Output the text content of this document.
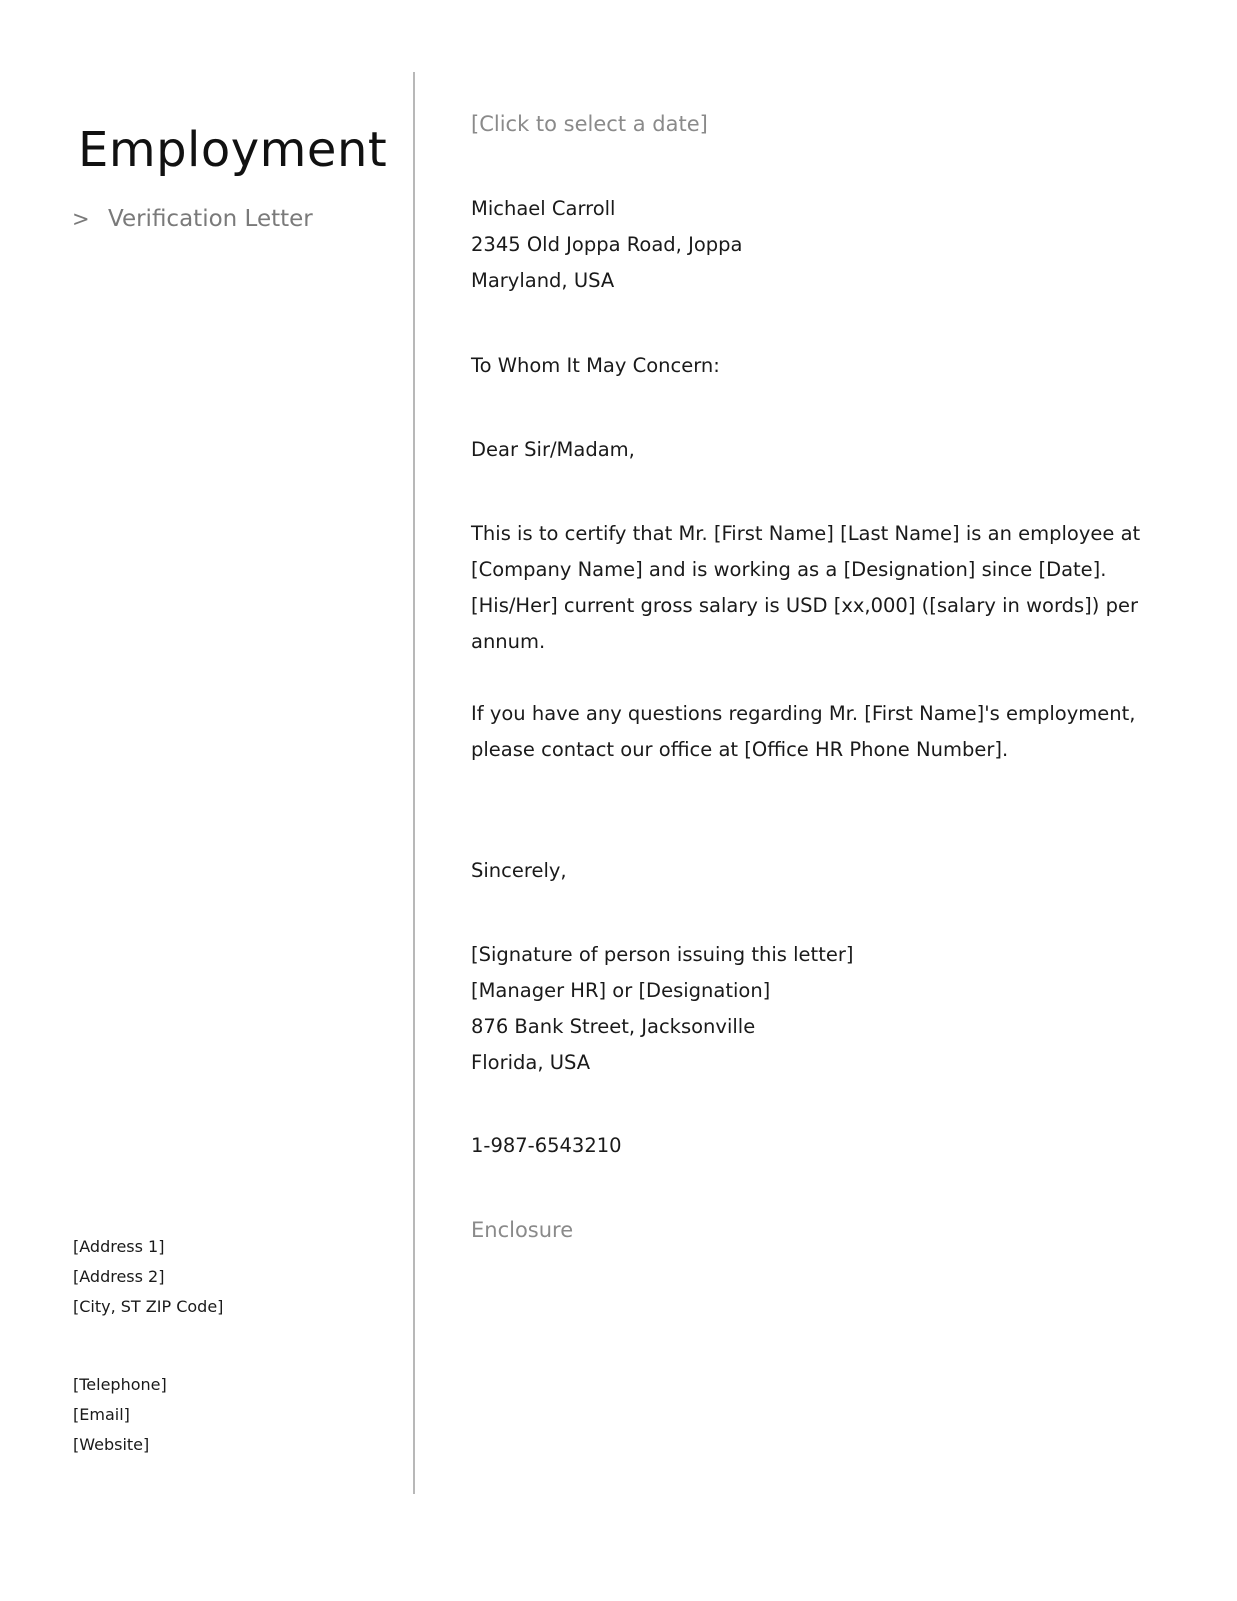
Employment
> Verification Letter
[Address 1]
[Address 2]
[City, ST ZIP Code]
[Telephone]
[Email]
[Website]
[Click to select a date]
Michael Carroll
2345 Old Joppa Road, Joppa
Maryland, USA
To Whom It May Concern:
Dear Sir/Madam,
This is to certify that Mr. [First Name] [Last Name] is an employee at
[Company Name] and is working as a [Designation] since [Date].
[His/Her] current gross salary is USD [xx,000] ([salary in words]) per
annum.
If you have any questions regarding Mr. [First Name]'s employment,
please contact our office at [Office HR Phone Number].
Sincerely,
[Signature of person issuing this letter]
[Manager HR] or [Designation]
876 Bank Street, Jacksonville
Florida, USA
1-987-6543210
Enclosure
